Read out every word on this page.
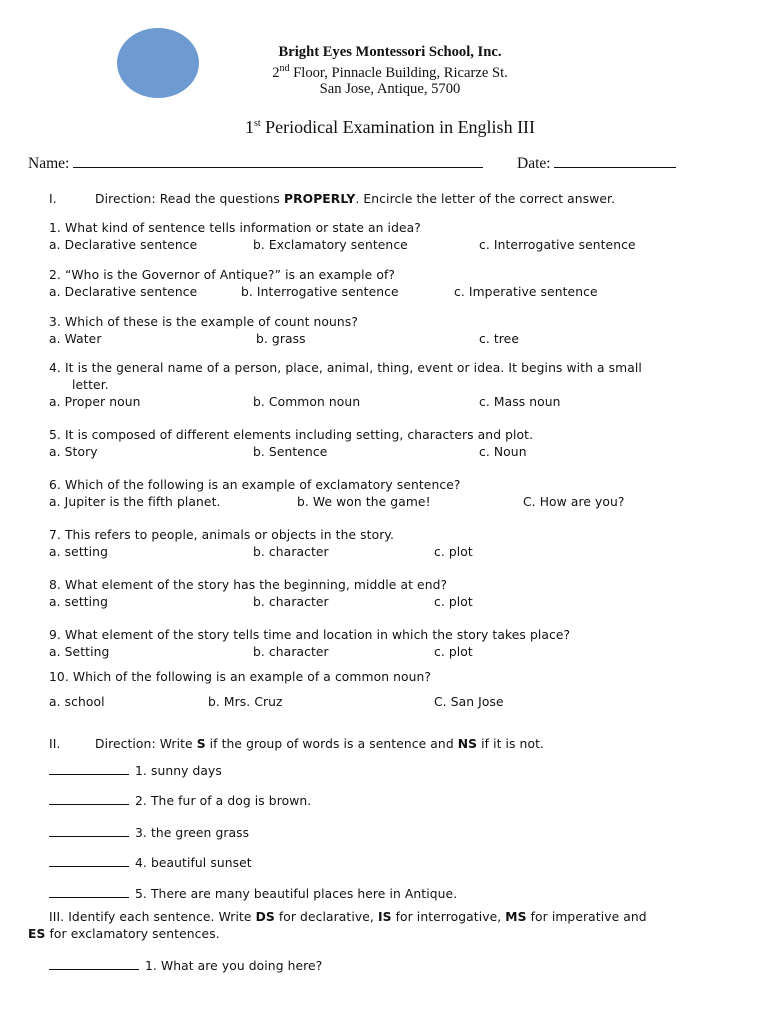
Bright Eyes Montessori School, Inc.
2nd Floor, Pinnacle Building, Ricarze St.
San Jose, Antique, 5700
1st Periodical Examination in English III
Name:	Date:
I.	Direction: Read the questions PROPERLY. Encircle the letter of the correct answer.
1. What kind of sentence tells information or state an idea?
a. Declarative sentence	b. Exclamatory sentence	c. Interrogative sentence
2. “Who is the Governor of Antique?” is an example of?
a. Declarative sentence	b. Interrogative sentence	c. Imperative sentence
3. Which of these is the example of count nouns?
a. Water	b. grass	c. tree
4. It is the general name of a person, place, animal, thing, event or idea. It begins with a small
letter.
a. Proper noun	b. Common noun	c. Mass noun
5. It is composed of different elements including setting, characters and plot.
a. Story	b. Sentence	c. Noun
6. Which of the following is an example of exclamatory sentence?
a. Jupiter is the fifth planet.	b. We won the game!	C. How are you?
7. This refers to people, animals or objects in the story.
a. setting	b. character	c. plot
8. What element of the story has the beginning, middle at end?
a. setting	b. character	c. plot
9. What element of the story tells time and location in which the story takes place?
a. Setting	b. character	c. plot
10. Which of the following is an example of a common noun?
a. school	b. Mrs. Cruz	C. San Jose
II.	Direction: Write S if the group of words is a sentence and NS if it is not.
1. sunny days
2. The fur of a dog is brown.
3. the green grass
4. beautiful sunset
5. There are many beautiful places here in Antique.
III. Identify each sentence. Write DS for declarative, IS for interrogative, MS for imperative and
ES for exclamatory sentences.
1. What are you doing here?
